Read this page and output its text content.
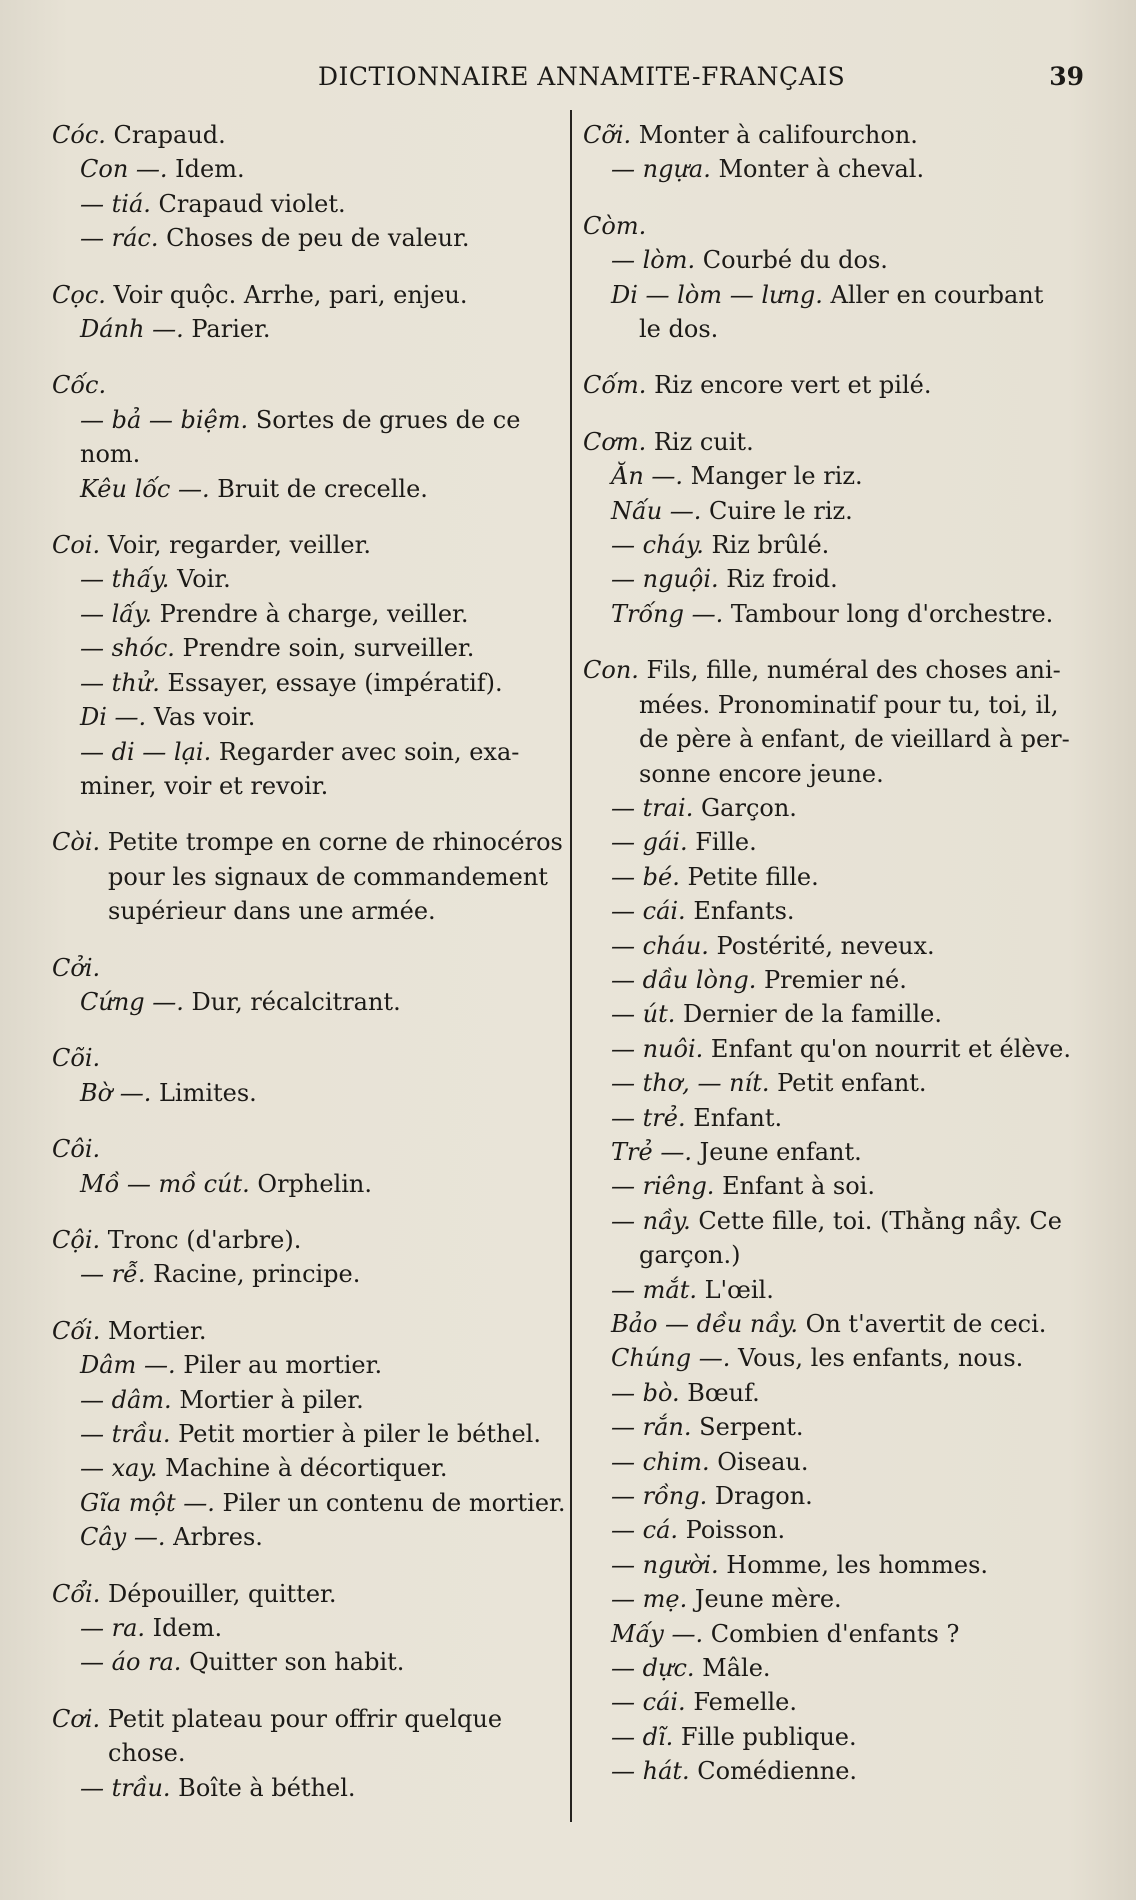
DICTIONNAIRE ANNAMITE-FRANÇAIS	39
Cóc. Crapaud.
Con —. Idem.
— tiá. Crapaud violet.
— rác. Choses de peu de valeur.
Cọc. Voir quộc. Arrhe, pari, enjeu.
Dánh —. Parier.
Cốc.
— bả — biệm. Sortes de grues de ce
nom.
Kêu lốc —. Bruit de crecelle.
Coi. Voir, regarder, veiller.
— thấy. Voir.
— lấy. Prendre à charge, veiller.
— shóc. Prendre soin, surveiller.
— thử. Essayer, essaye (impératif).
Di —. Vas voir.
— di — lại. Regarder avec soin, exa-
miner, voir et revoir.
Còi. Petite trompe en corne de rhinocéros
pour les signaux de commandement
supérieur dans une armée.
Cởi.
Cứng —. Dur, récalcitrant.
Cõi.
Bờ —. Limites.
Côi.
Mồ — mồ cút. Orphelin.
Cội. Tronc (d'arbre).
— rễ. Racine, principe.
Cối. Mortier.
Dâm —. Piler au mortier.
— dâm. Mortier à piler.
— trầu. Petit mortier à piler le béthel.
— xay. Machine à décortiquer.
Gĩa một —. Piler un contenu de mortier.
Cây —. Arbres.
Cổi. Dépouiller, quitter.
— ra. Idem.
— áo ra. Quitter son habit.
Cơi. Petit plateau pour offrir quelque
chose.
— trầu. Boîte à béthel.
Cỡi. Monter à califourchon.
— ngựa. Monter à cheval.
Còm.
— lòm. Courbé du dos.
Di — lòm — lưng. Aller en courbant
le dos.
Cốm. Riz encore vert et pilé.
Cơm. Riz cuit.
Ăn —. Manger le riz.
Nấu —. Cuire le riz.
— cháy. Riz brûlé.
— nguội. Riz froid.
Trống —. Tambour long d'orchestre.
Con. Fils, fille, numéral des choses ani-
mées. Pronominatif pour tu, toi, il,
de père à enfant, de vieillard à per-
sonne encore jeune.
— trai. Garçon.
— gái. Fille.
— bé. Petite fille.
— cái. Enfants.
— cháu. Postérité, neveux.
— dầu lòng. Premier né.
— út. Dernier de la famille.
— nuôi. Enfant qu'on nourrit et élève.
— thơ, — nít. Petit enfant.
— trẻ. Enfant.
Trẻ —. Jeune enfant.
— riêng. Enfant à soi.
— nầy. Cette fille, toi. (Thằng nầy. Ce
garçon.)
— mắt. L'œil.
Bảo — dều nầy. On t'avertit de ceci.
Chúng —. Vous, les enfants, nous.
— bò. Bœuf.
— rắn. Serpent.
— chim. Oiseau.
— rồng. Dragon.
— cá. Poisson.
— người. Homme, les hommes.
— mẹ. Jeune mère.
Mấy —. Combien d'enfants ?
— dực. Mâle.
— cái. Femelle.
— dĩ. Fille publique.
— hát. Comédienne.
